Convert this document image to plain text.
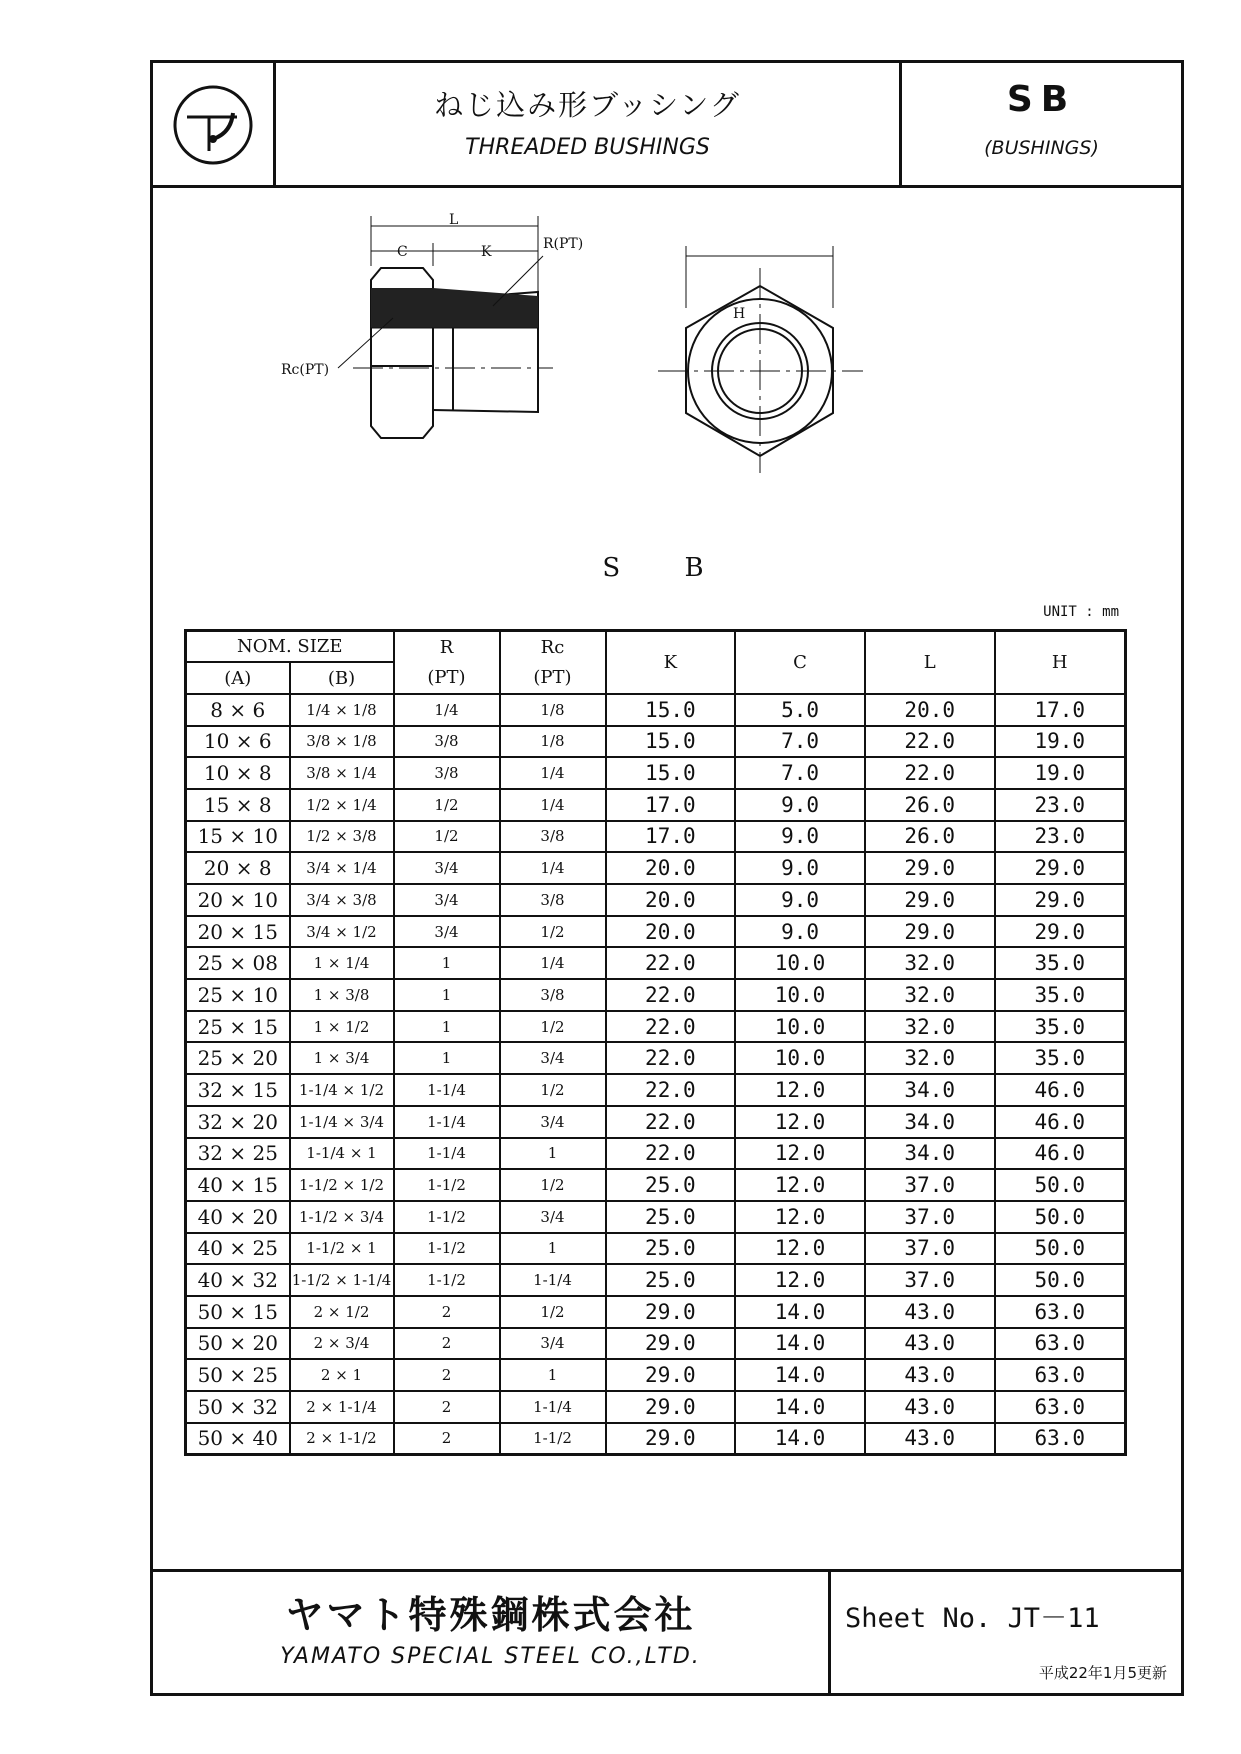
ねじ込み形ブッシング
THREADED BUSHINGS
SB
(BUSHINGS)
L
C	K	R(PT)
Rc(PT)
H
S B
UNIT : mm
NOM. SIZE		R	Rc	K	C	L	H
(A)	(B)	(PT)	(PT)				
8 × 6	1/4 × 1/8	1/4	1/8	15.0	5.0	20.0	17.0
10 × 6	3/8 × 1/8	3/8	1/8	15.0	7.0	22.0	19.0
10 × 8	3/8 × 1/4	3/8	1/4	15.0	7.0	22.0	19.0
15 × 8	1/2 × 1/4	1/2	1/4	17.0	9.0	26.0	23.0
15 × 10	1/2 × 3/8	1/2	3/8	17.0	9.0	26.0	23.0
20 × 8	3/4 × 1/4	3/4	1/4	20.0	9.0	29.0	29.0
20 × 10	3/4 × 3/8	3/4	3/8	20.0	9.0	29.0	29.0
20 × 15	3/4 × 1/2	3/4	1/2	20.0	9.0	29.0	29.0
25 × 08	1 × 1/4	1	1/4	22.0	10.0	32.0	35.0
25 × 10	1 × 3/8	1	3/8	22.0	10.0	32.0	35.0
25 × 15	1 × 1/2	1	1/2	22.0	10.0	32.0	35.0
25 × 20	1 × 3/4	1	3/4	22.0	10.0	32.0	35.0
32 × 15	1-1/4 × 1/2	1-1/4	1/2	22.0	12.0	34.0	46.0
32 × 20	1-1/4 × 3/4	1-1/4	3/4	22.0	12.0	34.0	46.0
32 × 25	1-1/4 × 1	1-1/4	1	22.0	12.0	34.0	46.0
40 × 15	1-1/2 × 1/2	1-1/2	1/2	25.0	12.0	37.0	50.0
40 × 20	1-1/2 × 3/4	1-1/2	3/4	25.0	12.0	37.0	50.0
40 × 25	1-1/2 × 1	1-1/2	1	25.0	12.0	37.0	50.0
40 × 32	1-1/2 × 1-1/4	1-1/2	1-1/4	25.0	12.0	37.0	50.0
50 × 15	2 × 1/2	2	1/2	29.0	14.0	43.0	63.0
50 × 20	2 × 3/4	2	3/4	29.0	14.0	43.0	63.0
50 × 25	2 × 1	2	1	29.0	14.0	43.0	63.0
50 × 32	2 × 1-1/4	2	1-1/4	29.0	14.0	43.0	63.0
50 × 40	2 × 1-1/2	2	1-1/2	29.0	14.0	43.0	63.0
ヤマト特殊鋼株式会社
YAMATO SPECIAL STEEL CO.,LTD.
Sheet No. JT－11
平成22年1月5更新
